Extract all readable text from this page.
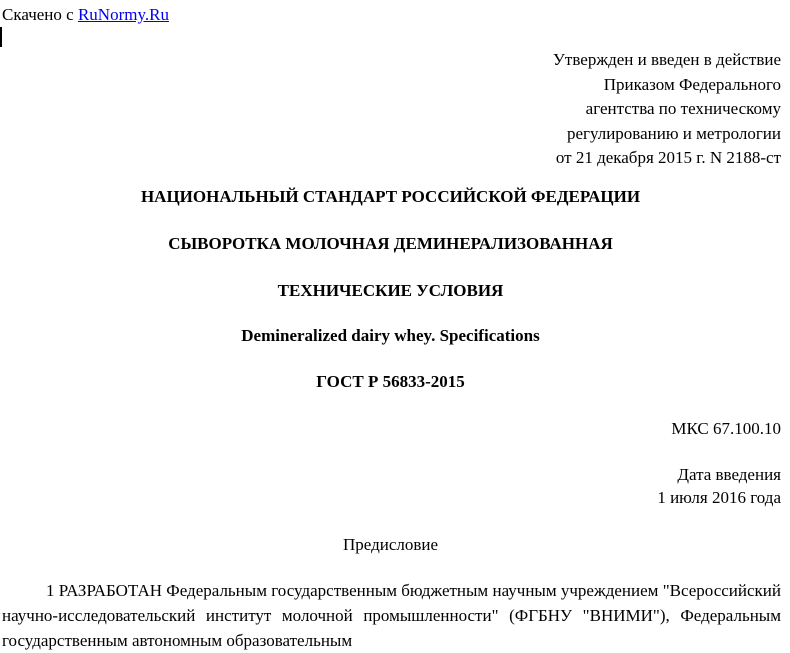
Скачено с RuNormy.Ru
Утвержден и введен в действие
Приказом Федерального
агентства по техническому
регулированию и метрологии
от 21 декабря 2015 г. N 2188-ст
НАЦИОНАЛЬНЫЙ СТАНДАРТ РОССИЙСКОЙ ФЕДЕРАЦИИ
СЫВОРОТКА МОЛОЧНАЯ ДЕМИНЕРАЛИЗОВАННАЯ
ТЕХНИЧЕСКИЕ УСЛОВИЯ
Demineralized dairy whey. Specifications
ГОСТ Р 56833-2015
МКС 67.100.10
Дата введения
1 июля 2016 года
Предисловие
1 РАЗРАБОТАН Федеральным государственным бюджетным научным учреждением "Всероссийский научно-исследовательский институт молочной промышленности" (ФГБНУ "ВНИМИ"), Федеральным государственным автономным образовательным
